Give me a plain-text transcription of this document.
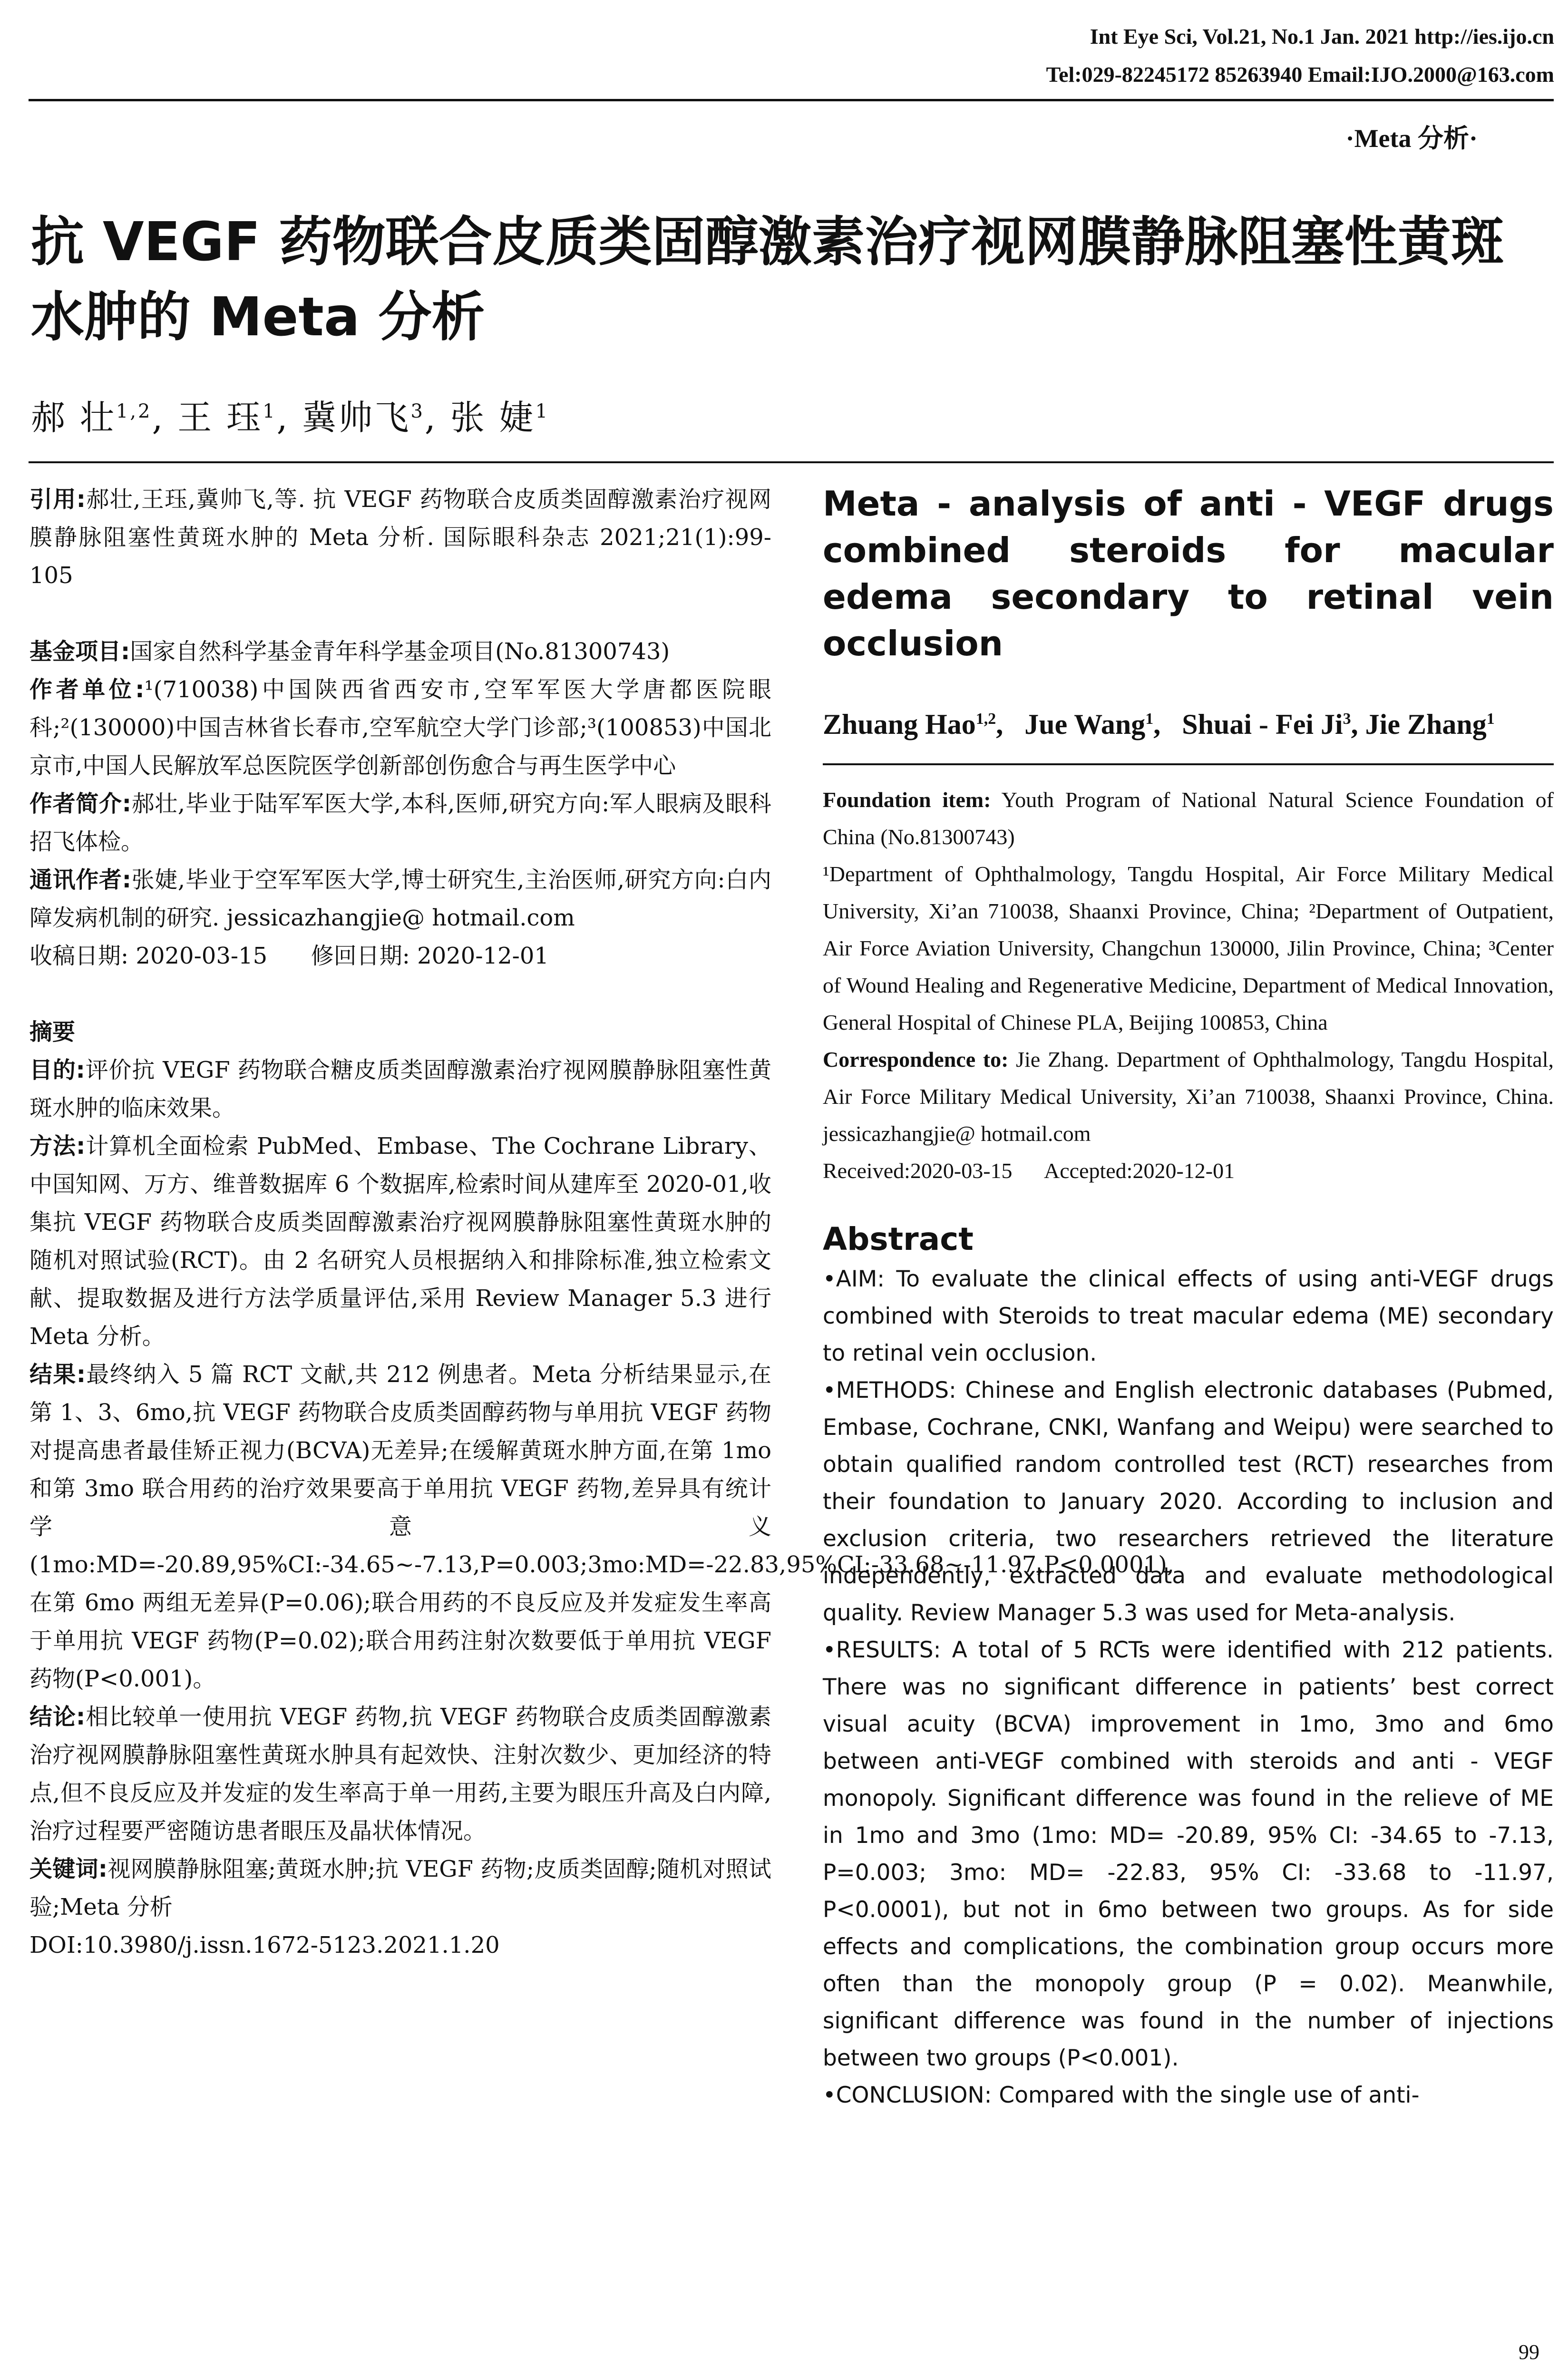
Int Eye Sci, Vol.21, No.1 Jan. 2021 http://ies.ijo.cn
Tel:029-82245172 85263940 Email:IJO.2000@163.com
·Meta 分析·
抗 VEGF 药物联合皮质类固醇激素治疗视网膜静脉阻塞性黄斑水肿的 Meta 分析
郝 壮$^{1,2}$, 王 珏$^1$, 冀帅飞$^3$, 张 婕$^1$

引用:郝壮,王珏,冀帅飞,等. 抗 VEGF 药物联合皮质类固醇激素治疗视网膜静脉阻塞性黄斑水肿的 Meta 分析. 国际眼科杂志 2021;21(1):99-105

基金项目:国家自然科学基金青年科学基金项目(No.81300743)

作者单位:¹(710038)中国陕西省西安市,空军军医大学唐都医院眼科;²(130000)中国吉林省长春市,空军航空大学门诊部;³(100853)中国北京市,中国人民解放军总医院医学创新部创伤愈合与再生医学中心

作者简介:郝壮,毕业于陆军军医大学,本科,医师,研究方向:军人眼病及眼科招飞体检。

通讯作者:张婕,毕业于空军军医大学,博士研究生,主治医师,研究方向:白内障发病机制的研究. jessicazhangjie@ hotmail.com

收稿日期: 2020-03-15      修回日期: 2020-12-01

摘要

目的:评价抗 VEGF 药物联合糖皮质类固醇激素治疗视网膜静脉阻塞性黄斑水肿的临床效果。

方法:计算机全面检索 PubMed、Embase、The Cochrane Library、中国知网、万方、维普数据库 6 个数据库,检索时间从建库至 2020-01,收集抗 VEGF 药物联合皮质类固醇激素治疗视网膜静脉阻塞性黄斑水肿的随机对照试验(RCT)。由 2 名研究人员根据纳入和排除标准,独立检索文献、提取数据及进行方法学质量评估,采用 Review Manager 5.3 进行 Meta 分析。

结果:最终纳入 5 篇 RCT 文献,共 212 例患者。Meta 分析结果显示,在第 1、3、6mo,抗 VEGF 药物联合皮质类固醇药物与单用抗 VEGF 药物对提高患者最佳矫正视力(BCVA)无差异;在缓解黄斑水肿方面,在第 1mo 和第 3mo 联合用药的治疗效果要高于单用抗 VEGF 药物,差异具有统计学意义(1mo:MD=-20.89,95%CI:-34.65~-7.13,P=0.003;3mo:MD=-22.83,95%CI:-33.68~-11.97,P<0.0001),在第 6mo 两组无差异(P=0.06);联合用药的不良反应及并发症发生率高于单用抗 VEGF 药物(P=0.02);联合用药注射次数要低于单用抗 VEGF 药物(P<0.001)。

结论:相比较单一使用抗 VEGF 药物,抗 VEGF 药物联合皮质类固醇激素治疗视网膜静脉阻塞性黄斑水肿具有起效快、注射次数少、更加经济的特点,但不良反应及并发症的发生率高于单一用药,主要为眼压升高及白内障,治疗过程要严密随访患者眼压及晶状体情况。

关键词:视网膜静脉阻塞;黄斑水肿;抗 VEGF 药物;皮质类固醇;随机对照试验;Meta 分析

DOI:10.3980/j.issn.1672-5123.2021.1.20

Meta - analysis of anti - VEGF drugs combined steroids for macular edema secondary to retinal vein occlusion
Zhuang Hao$^{1,2}$,   Jue Wang$^1$,   Shuai - Fei Ji$^3$, Jie Zhang$^1$
Foundation item: Youth Program of National Natural Science Foundation of China (No.81300743)
¹Department of Ophthalmology, Tangdu Hospital, Air Force Military Medical University, Xi’an 710038, Shaanxi Province, China; ²Department of Outpatient, Air Force Aviation University, Changchun 130000, Jilin Province, China; ³Center of Wound Healing and Regenerative Medicine, Department of Medical Innovation, General Hospital of Chinese PLA, Beijing 100853, China
Correspondence to: Jie Zhang. Department of Ophthalmology, Tangdu Hospital, Air Force Military Medical University, Xi’an 710038, Shaanxi Province, China. jessicazhangjie@ hotmail.com
Received:2020-03-15      Accepted:2020-12-01
Abstract

•AIM: To evaluate the clinical effects of using anti-VEGF drugs combined with Steroids to treat macular edema (ME) secondary to retinal vein occlusion.

•METHODS: Chinese and English electronic databases (Pubmed, Embase, Cochrane, CNKI, Wanfang and Weipu) were searched to obtain qualified random controlled test (RCT) researches from their foundation to January 2020. According to inclusion and exclusion criteria, two researchers retrieved the literature independently, extracted data and evaluate methodological quality. Review Manager 5.3 was used for Meta-analysis.

•RESULTS: A total of 5 RCTs were identified with 212 patients. There was no significant difference in patients’ best correct visual acuity (BCVA) improvement in 1mo, 3mo and 6mo between anti-VEGF combined with steroids and anti - VEGF monopoly. Significant difference was found in the relieve of ME in 1mo and 3mo (1mo: MD= -20.89, 95% CI: -34.65 to -7.13, P=0.003; 3mo: MD= -22.83, 95% CI: -33.68 to -11.97, P<0.0001), but not in 6mo between two groups. As for side effects and complications, the combination group occurs more often than the monopoly group (P = 0.02). Meanwhile, significant difference was found in the number of injections between two groups (P<0.001).

•CONCLUSION: Compared with the single use of anti-

99
